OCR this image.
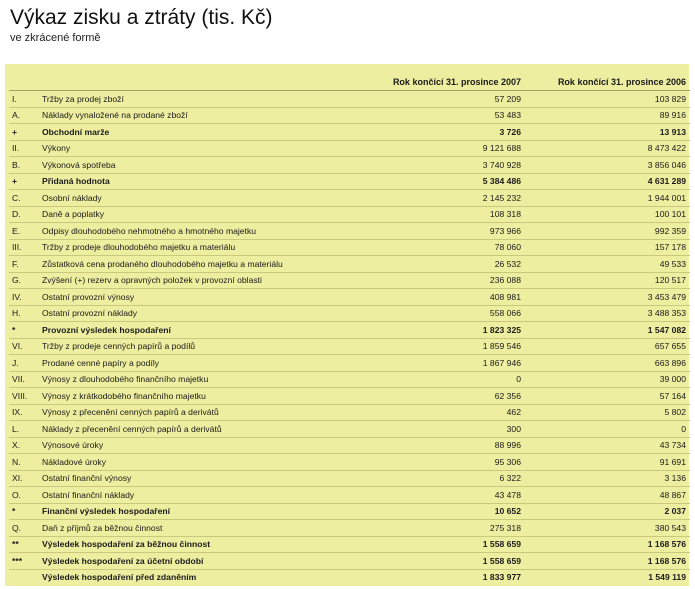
Výkaz zisku a ztráty (tis. Kč)
ve zkrácené formě
		Rok končící 31. prosince 2007	Rok končící 31. prosince 2006
I.	Tržby za prodej zboží	57 209	103 829
A.	Náklady vynaložené na prodané zboží	53 483	89 916
+	Obchodní marže	3 726	13 913
II.	Výkony	9 121 688	8 473 422
B.	Výkonová spotřeba	3 740 928	3 856 046
+	Přidaná hodnota	5 384 486	4 631 289
C.	Osobní náklady	2 145 232	1 944 001
D.	Daně a poplatky	108 318	100 101
E.	Odpisy dlouhodobého nehmotného a hmotného majetku	973 966	992 359
III.	Tržby z prodeje dlouhodobého majetku a materiálu	78 060	157 178
F.	Zůstatková cena prodaného dlouhodobého majetku a materiálu	26 532	49 533
G.	Zvýšení (+) rezerv a opravných položek v provozní oblasti	236 088	120 517
IV.	Ostatní provozní výnosy	408 981	3 453 479
H.	Ostatní provozní náklady	558 066	3 488 353
*	Provozní výsledek hospodaření	1 823 325	1 547 082
VI.	Tržby z prodeje cenných papírů a podílů	1 859 546	657 655
J.	Prodané cenné papíry a podíly	1 867 946	663 896
VII.	Výnosy z dlouhodobého finančního majetku	0	39 000
VIII.	Výnosy z krátkodobého finančního majetku	62 356	57 164
IX.	Výnosy z přecenění cenných papírů a derivátů	462	5 802
L.	Náklady z přecenění cenných papírů a derivátů	300	0
X.	Výnosové úroky	88 996	43 734
N.	Nákladové úroky	95 306	91 691
XI.	Ostatní finanční výnosy	6 322	3 136
O.	Ostatní finanční náklady	43 478	48 867
*	Finanční výsledek hospodaření	10 652	2 037
Q.	Daň z příjmů za běžnou činnost	275 318	380 543
**	Výsledek hospodaření za běžnou činnost	1 558 659	1 168 576
***	Výsledek hospodaření za účetní období	1 558 659	1 168 576
	Výsledek hospodaření před zdaněním	1 833 977	1 549 119
